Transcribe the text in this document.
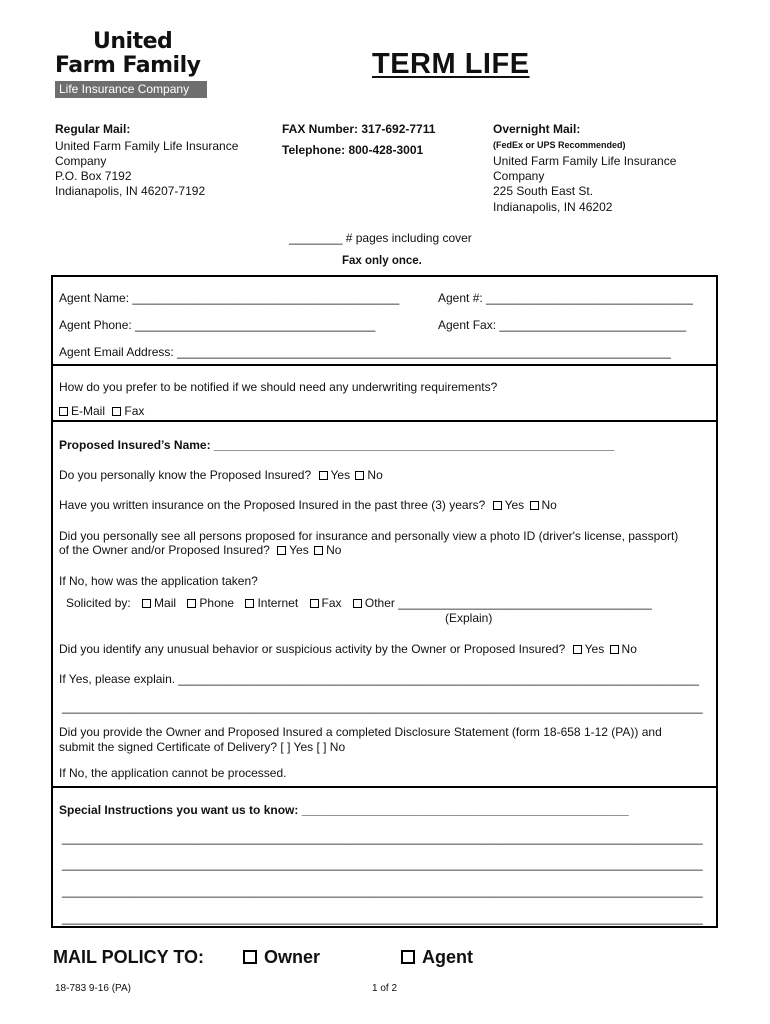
United
Farm Family
Life Insurance Company
TERM LIFE
Regular Mail:
United Farm Family Life Insurance
Company
P.O. Box 7192
Indianapolis, IN 46207-7192
FAX Number: 317-692-7711
Telephone: 800-428-3001
Overnight Mail:
(FedEx or UPS Recommended)
United Farm Family Life Insurance
Company
225 South East St.
Indianapolis, IN 46202
________ # pages including cover
Fax only once.
Agent Name: ________________________________________	Agent #: _______________________________
Agent Phone: ____________________________________	Agent Fax: ____________________________
Agent Email Address: __________________________________________________________________________
How do you prefer to be notified if we should need any underwriting requirements?
E-Mail Fax
Proposed Insured’s Name: ____________________________________________________________
Do you personally know the Proposed Insured? Yes No
Have you written insurance on the Proposed Insured in the past three (3) years? Yes No
Did you personally see all persons proposed for insurance and personally view a photo ID (driver's license, passport)
of the Owner and/or Proposed Insured? Yes No
If No, how was the application taken?
Solicited by: Mail Phone Internet Fax Other ______________________________________
(Explain)
Did you identify any unusual behavior or suspicious activity by the Owner or Proposed Insured? Yes No
If Yes, please explain. ______________________________________________________________________________
________________________________________________________________________________________________
Did you provide the Owner and Proposed Insured a completed Disclosure Statement (form 18-658 1-12 (PA)) and
submit the signed Certificate of Delivery? [ ] Yes [ ] No
If No, the application cannot be processed.
Special Instructions you want us to know: _________________________________________________
________________________________________________________________________________________________
________________________________________________________________________________________________
________________________________________________________________________________________________
________________________________________________________________________________________________
MAIL POLICY TO:	Owner	Agent
18-783 9-16 (PA)	1 of 2
